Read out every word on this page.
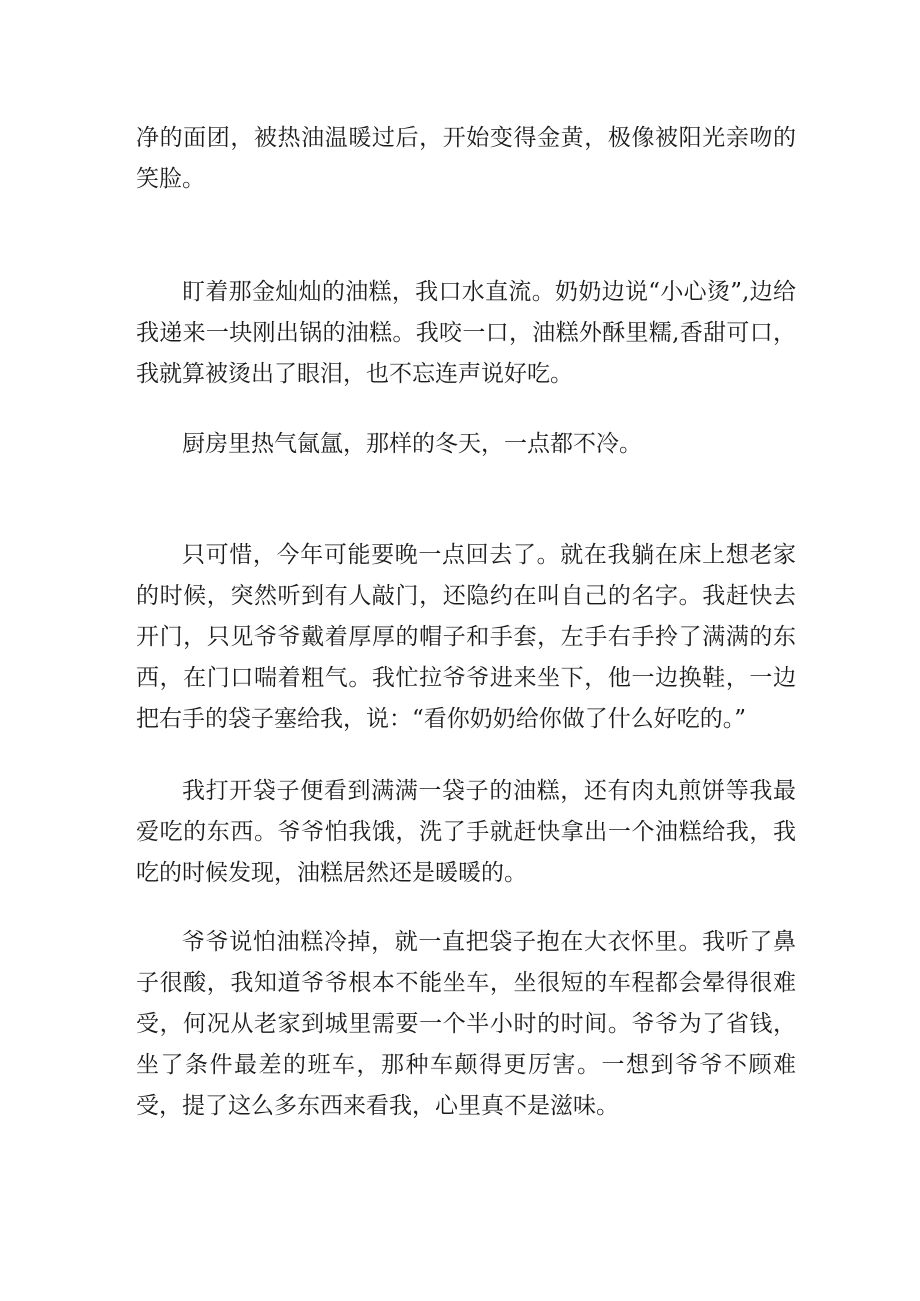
净的面团，被热油温暖过后，开始变得金黄，极像被阳光亲吻的笑脸。

盯着那金灿灿的油糕，我口水直流。奶奶边说“小心烫”,边给我递来一块刚出锅的油糕。我咬一口，油糕外酥里糯,香甜可口，我就算被烫出了眼泪，也不忘连声说好吃。

厨房里热气氤氲，那样的冬天，一点都不冷。

只可惜，今年可能要晚一点回去了。就在我躺在床上想老家的时候，突然听到有人敲门，还隐约在叫自己的名字。我赶快去开门，只见爷爷戴着厚厚的帽子和手套，左手右手拎了满满的东西，在门口喘着粗气。我忙拉爷爷进来坐下，他一边换鞋，一边把右手的袋子塞给我，说：“看你奶奶给你做了什么好吃的。”

我打开袋子便看到满满一袋子的油糕，还有肉丸煎饼等我最爱吃的东西。爷爷怕我饿，洗了手就赶快拿出一个油糕给我，我吃的时候发现，油糕居然还是暖暖的。

爷爷说怕油糕冷掉，就一直把袋子抱在大衣怀里。我听了鼻子很酸，我知道爷爷根本不能坐车，坐很短的车程都会晕得很难受，何况从老家到城里需要一个半小时的时间。爷爷为了省钱，坐了条件最差的班车，那种车颠得更厉害。一想到爷爷不顾难受，提了这么多东西来看我，心里真不是滋味。
